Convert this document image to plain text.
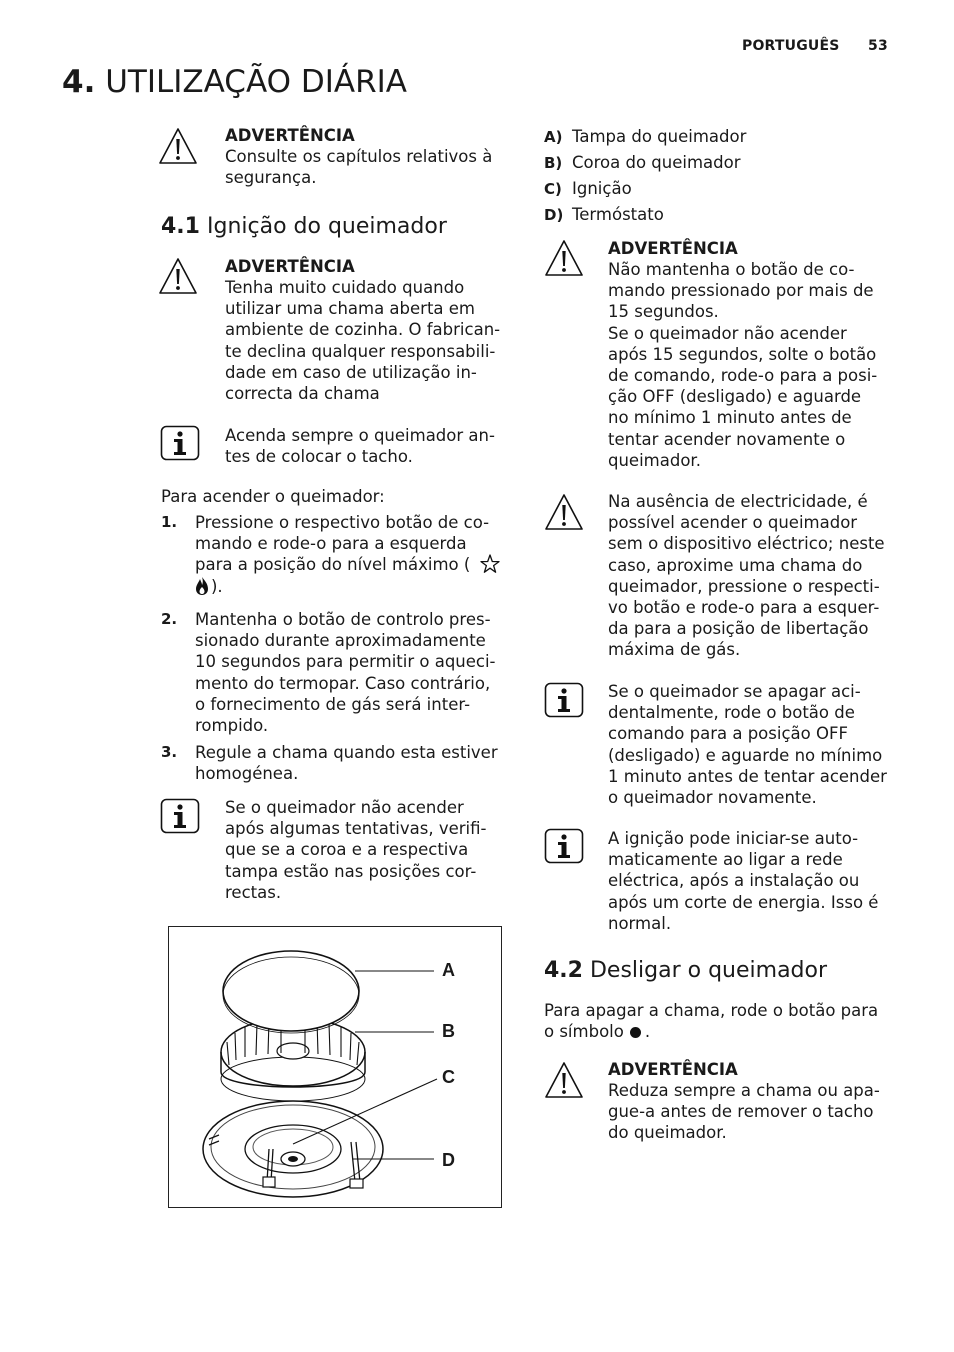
PORTUGUÊS 53
4. UTILIZAÇÃO DIÁRIA
ADVERTÊNCIA
Consulte os capítulos relativos à
segurança.
4.1 Ignição do queimador
ADVERTÊNCIA
Tenha muito cuidado quando
utilizar uma chama aberta em
ambiente de cozinha. O fabrican-
te declina qualquer responsabili-
dade em caso de utilização in-
correcta da chama
Acenda sempre o queimador an-
tes de colocar o tacho.
Para acender o queimador:
1. Pressione o respectivo botão de co-
mando e rode-o para a esquerda
para a posição do nível máximo (
).
2. Mantenha o botão de controlo pres-
sionado durante aproximadamente
10 segundos para permitir o aqueci-
mento do termopar. Caso contrário,
o fornecimento de gás será inter-
rompido.
3. Regule a chama quando esta estiver
homogénea.
Se o queimador não acender
após algumas tentativas, verifi-
que se a coroa e a respectiva
tampa estão nas posições cor-
rectas.
A
B
C
D
A) Tampa do queimador
B) Coroa do queimador
C) Ignição
D) Termóstato
ADVERTÊNCIA
Não mantenha o botão de co-
mando pressionado por mais de
15 segundos.
Se o queimador não acender
após 15 segundos, solte o botão
de comando, rode-o para a posi-
ção OFF (desligado) e aguarde
no mínimo 1 minuto antes de
tentar acender novamente o
queimador.
Na ausência de electricidade, é
possível acender o queimador
sem o dispositivo eléctrico; neste
caso, aproxime uma chama do
queimador, pressione o respecti-
vo botão e rode-o para a esquer-
da para a posição de libertação
máxima de gás.
Se o queimador se apagar aci-
dentalmente, rode o botão de
comando para a posição OFF
(desligado) e aguarde no mínimo
1 minuto antes de tentar acender
o queimador novamente.
A ignição pode iniciar-se auto-
maticamente ao ligar a rede
eléctrica, após a instalação ou
após um corte de energia. Isso é
normal.
4.2 Desligar o queimador
Para apagar a chama, rode o botão para
o símbolo .
ADVERTÊNCIA
Reduza sempre a chama ou apa-
gue-a antes de remover o tacho
do queimador.
